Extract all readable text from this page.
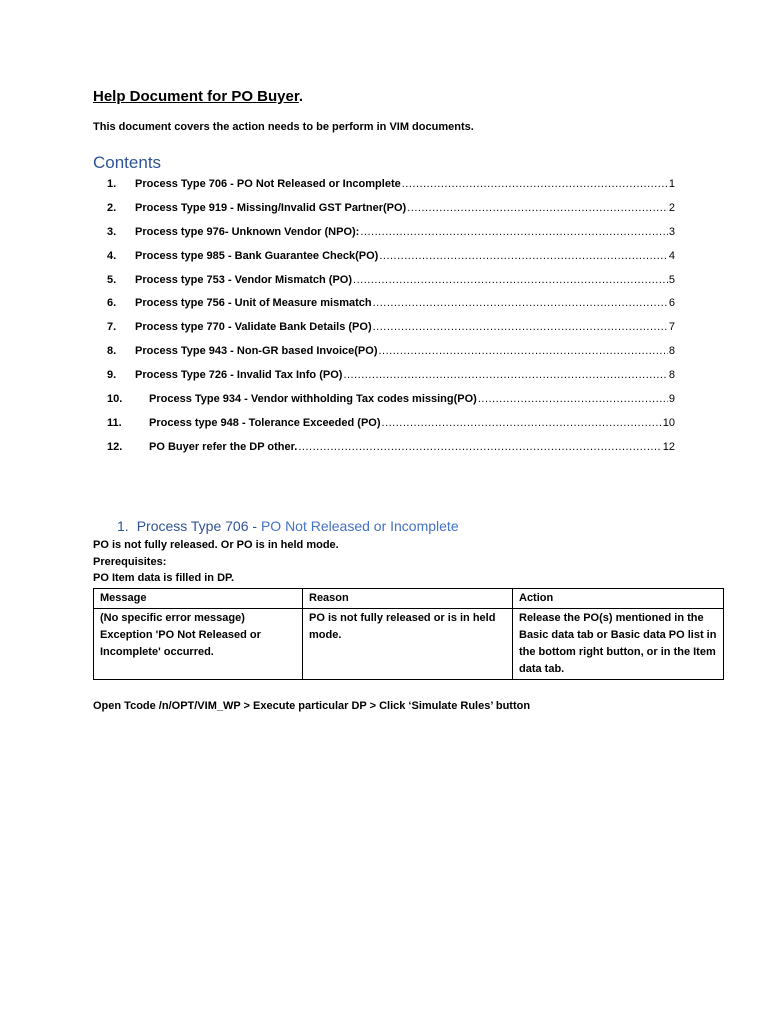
Help Document for PO Buyer.
This document covers the action needs to be perform in VIM documents.
Contents
1.	Process Type 706 - PO Not Released or Incomplete .....	1
2.	Process Type 919 - Missing/Invalid GST Partner(PO) .....	2
3.	Process type 976- Unknown Vendor (NPO): .....	3
4.	Process type 985 - Bank Guarantee Check(PO) .....	4
5.	Process type 753 - Vendor Mismatch (PO) .....	5
6.	Process type 756 - Unit of Measure mismatch .....	6
7.	Process type 770 - Validate Bank Details (PO) .....	7
8.	Process Type 943 - Non-GR based Invoice(PO) .....	8
9.	Process Type 726 - Invalid Tax Info (PO) .....	8
10.	Process Type 934 - Vendor withholding Tax codes missing(PO) .....	9
11.	Process type 948 - Tolerance Exceeded (PO) .....	10
12.	PO Buyer refer the DP other. .....	12
1. Process Type 706 - PO Not Released or Incomplete
PO is not fully released. Or PO is in held mode.
Prerequisites:
PO Item data is filled in DP.
Message	Reason	Action
(No specific error message) Exception 'PO Not Released or Incomplete' occurred.	PO is not fully released or is in held mode.	Release the PO(s) mentioned in the Basic data tab or Basic data PO list in the bottom right button, or in the Item data tab.
Open Tcode /n/OPT/VIM_WP > Execute particular DP > Click ‘Simulate Rules’ button
